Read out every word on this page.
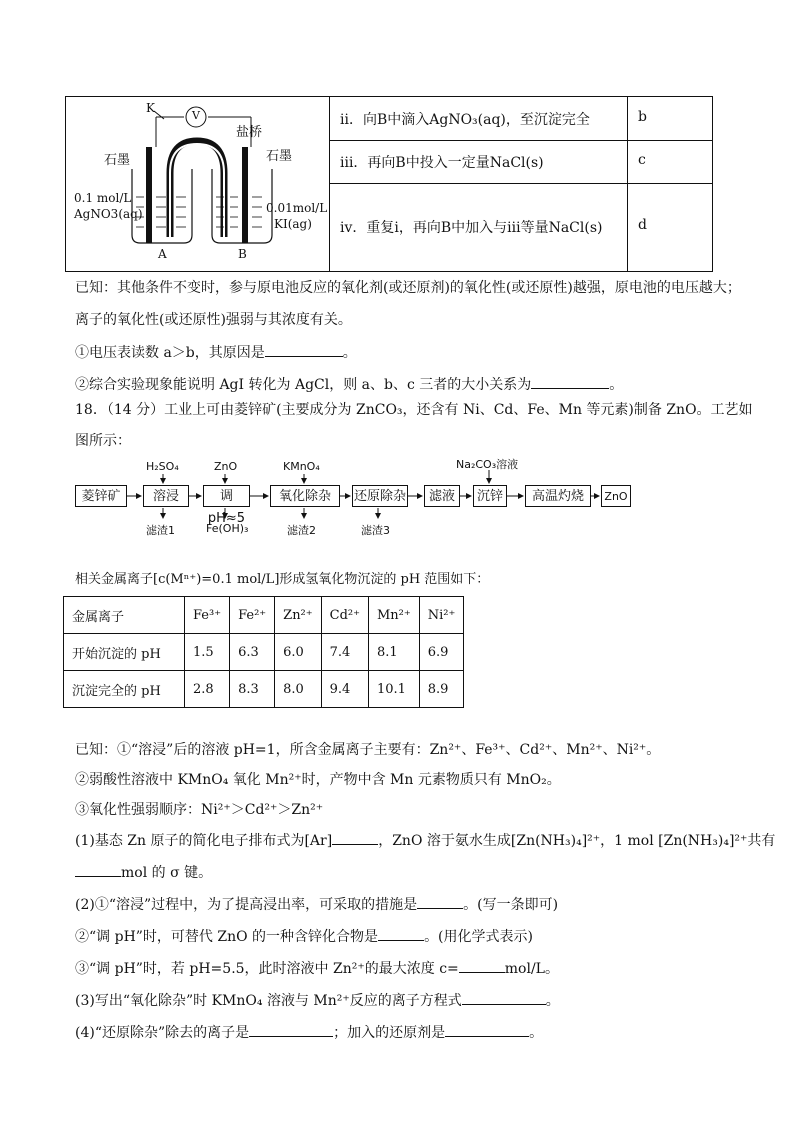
K
V
盐桥
石墨	石墨
0.1 mol/L
AgNO3(aq)	0.01mol/L
KI(ag)
A	B
ⅱ．向B中滴入AgNO₃(aq)，至沉淀完全	b
ⅲ．再向B中投入一定量NaCl(s)	c
ⅳ．重复ⅰ，再向B中加入与ⅲ等量NaCl(s)	d
已知：其他条件不变时，参与原电池反应的氧化剂(或还原剂)的氧化性(或还原性)越强，原电池的电压越大；
离子的氧化性(或还原性)强弱与其浓度有关。
①电压表读数 a＞b，其原因是	。
②综合实验现象能说明 AgI 转化为 AgCl，则 a、b、c 三者的大小关系为	。
18．（14 分）工业上可由菱锌矿(主要成分为 ZnCO₃，还含有 Ni、Cd、Fe、Mn 等元素)制备 ZnO。工艺如
图所示：
菱锌矿	溶浸	调pH≈5
氧化除杂	还原除杂	滤液	沉锌	高温灼烧	ZnO
H₂SO₄	ZnO	KMnO₄	Na₂CO₃溶液
滤渣1	Fe(OH)₃	滤渣2	滤渣3
相关金属离子[c(Mⁿ⁺)=0.1 mol/L]形成氢氧化物沉淀的 pH 范围如下：
金属离子	Fe³⁺	Fe²⁺	Zn²⁺	Cd²⁺	Mn²⁺	Ni²⁺
开始沉淀的 pH	1.5	6.3	6.0	7.4	8.1	6.9
沉淀完全的 pH	2.8	8.3	8.0	9.4	10.1	8.9
已知：①“溶浸”后的溶液 pH=1，所含金属离子主要有：Zn²⁺、Fe³⁺、Cd²⁺、Mn²⁺、Ni²⁺。
②弱酸性溶液中 KMnO₄ 氧化 Mn²⁺时，产物中含 Mn 元素物质只有 MnO₂。
③氧化性强弱顺序：Ni²⁺＞Cd²⁺＞Zn²⁺
(1)基态 Zn 原子的简化电子排布式为[Ar]	，ZnO 溶于氨水生成[Zn(NH₃)₄]²⁺，1 mol [Zn(NH₃)₄]²⁺共有
mol 的 σ 键。
(2)①“溶浸”过程中，为了提高浸出率，可采取的措施是	。(写一条即可)
②“调 pH”时，可替代 ZnO 的一种含锌化合物是	。(用化学式表示)
③“调 pH”时，若 pH=5.5，此时溶液中 Zn²⁺的最大浓度 c=	mol/L。
(3)写出“氧化除杂”时 KMnO₄ 溶液与 Mn²⁺反应的离子方程式	。
(4)“还原除杂”除去的离子是	；加入的还原剂是	。
